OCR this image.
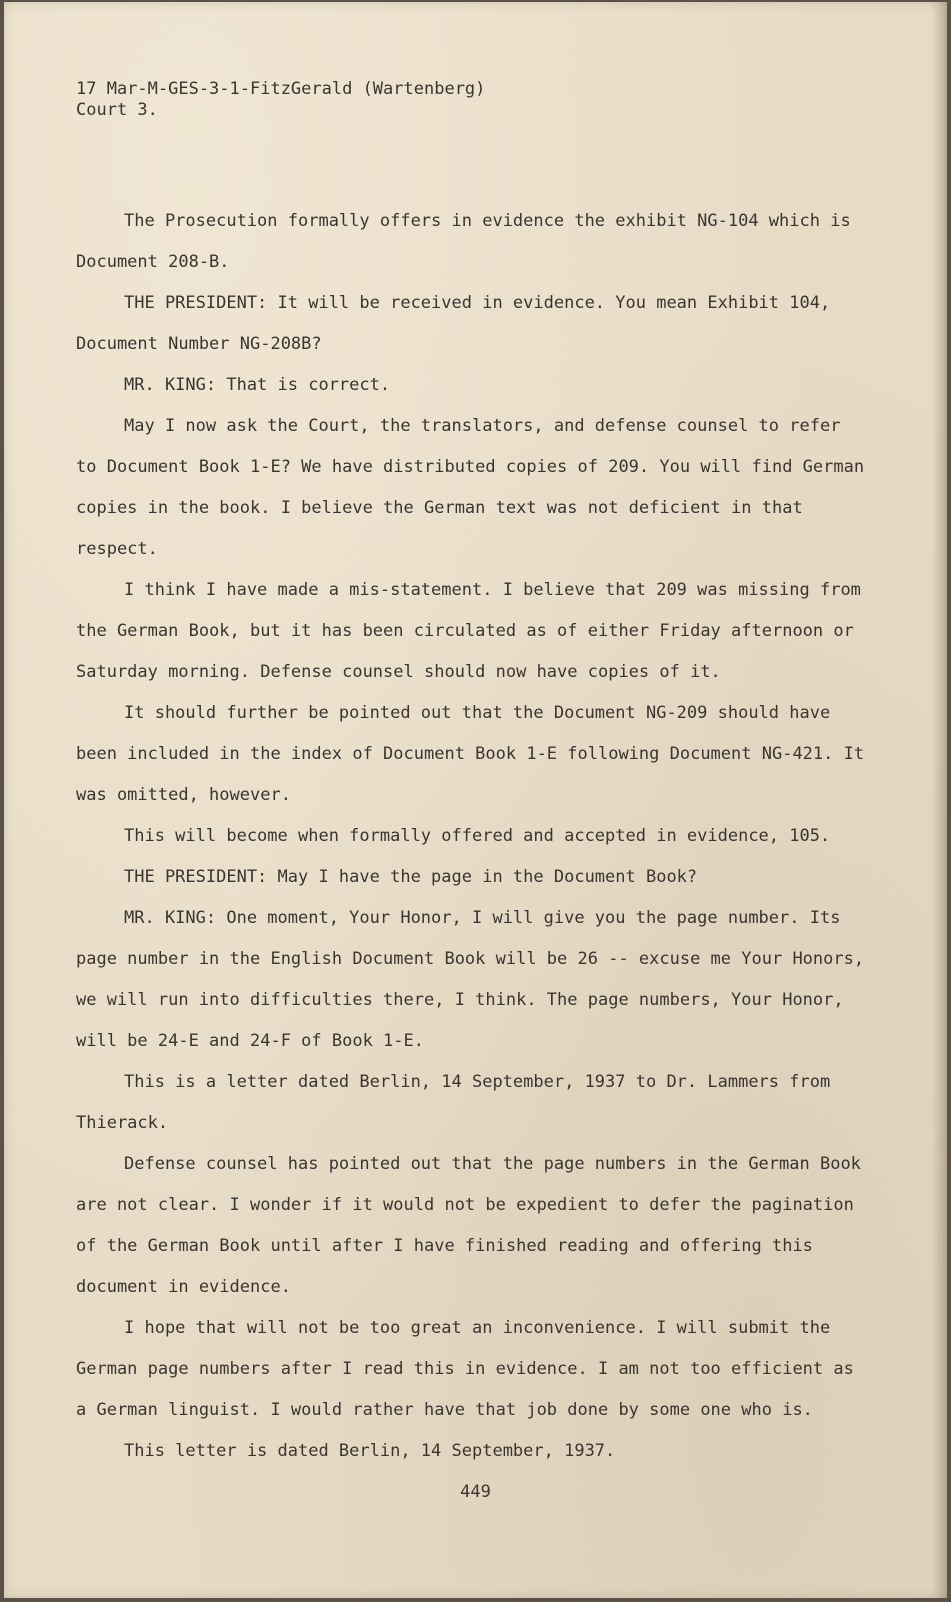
17 Mar-M-GES-3-1-FitzGerald (Wartenberg)
Court 3.

The Prosecution formally offers in evidence the exhibit NG-104 which is Document 208-B.

THE PRESIDENT: It will be received in evidence. You mean Exhibit 104, Document Number NG-208B?

MR. KING: That is correct.

May I now ask the Court, the translators, and defense counsel to refer to Document Book 1-E? We have distributed copies of 209. You will find German copies in the book. I believe the German text was not deficient in that respect.

I think I have made a mis-statement. I believe that 209 was missing from the German Book, but it has been circulated as of either Friday afternoon or Saturday morning. Defense counsel should now have copies of it.

It should further be pointed out that the Document NG-209 should have been included in the index of Document Book 1-E following Document NG-421. It was omitted, however.

This will become when formally offered and accepted in evidence, 105.

THE PRESIDENT: May I have the page in the Document Book?

MR. KING: One moment, Your Honor, I will give you the page number. Its page number in the English Document Book will be 26 -- excuse me Your Honors, we will run into difficulties there, I think. The page numbers, Your Honor, will be 24-E and 24-F of Book 1-E.

This is a letter dated Berlin, 14 September, 1937 to Dr. Lammers from Thierack.

Defense counsel has pointed out that the page numbers in the German Book are not clear. I wonder if it would not be expedient to defer the pagination of the German Book until after I have finished reading and offering this document in evidence.

I hope that will not be too great an inconvenience. I will submit the German page numbers after I read this in evidence. I am not too efficient as a German linguist. I would rather have that job done by some one who is.

This letter is dated Berlin, 14 September, 1937.

449
